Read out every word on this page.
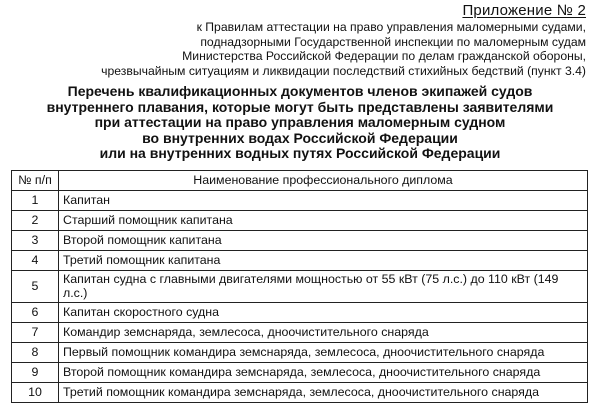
Приложение № 2
к Правилам аттестации на право управления маломерными судами,
поднадзорными Государственной инспекции по маломерным судам
Министерства Российской Федерации по делам гражданской обороны,
чрезвычайным ситуациям и ликвидации последствий стихийных бедствий (пункт 3.4)
Перечень квалификационных документов членов экипажей судов
внутреннего плавания, которые могут быть представлены заявителями
при аттестации на право управления маломерным судном
во внутренних водах Российской Федерации
или на внутренних водных путях Российской Федерации
№ п/п	Наименование профессионального диплома
1	Капитан
2	Старший помощник капитана
3	Второй помощник капитана
4	Третий помощник капитана
5	Капитан судна с главными двигателями мощностью от 55 кВт (75 л.с.) до 110 кВт (149 л.с.)
6	Капитан скоростного судна
7	Командир земснаряда, землесоса, дноочистительного снаряда
8	Первый помощник командира земснаряда, землесоса, дноочистительного снаряда
9	Второй помощник командира земснаряда, землесоса, дноочистительного снаряда
10	Третий помощник командира земснаряда, землесоса, дноочистительного снаряда
